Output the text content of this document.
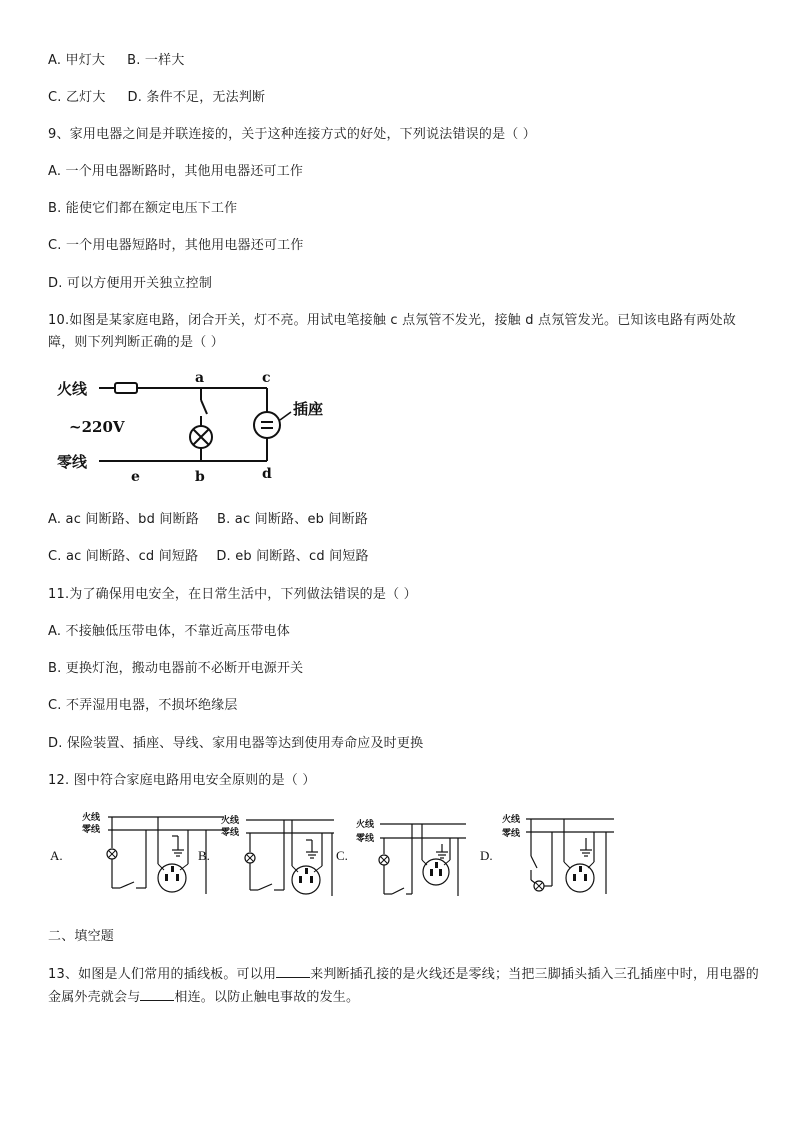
A. 甲灯大 B. 一样大
C. 乙灯大 D. 条件不足，无法判断
9、家用电器之间是并联连接的，关于这种连接方式的好处，下列说法错误的是（ ）
A. 一个用电器断路时，其他用电器还可工作
B. 能使它们都在额定电压下工作
C. 一个用电器短路时，其他用电器还可工作
D. 可以方便用开关独立控制
10.如图是某家庭电路，闭合开关，灯不亮。用试电笔接触 c 点氖管不发光，接触 d 点氖管发光。已知该电路有两处故障，则下列判断正确的是（ ）
火线
零线
~220V
插座
a	c
b	d
e
A. ac 间断路、bd 间断路 B. ac 间断路、eb 间断路
C. ac 间断路、cd 间短路 D. eb 间断路、cd 间短路
11.为了确保用电安全，在日常生活中，下列做法错误的是（ ）
A. 不接触低压带电体，不靠近高压带电体
B. 更换灯泡，搬动电器前不必断开电源开关
C. 不弄湿用电器，不损坏绝缘层
D. 保险装置、插座、导线、家用电器等达到使用寿命应及时更换
12. 图中符合家庭电路用电安全原则的是（ ）
A.
火线
零线
B.
火线
零线
C.
火线
零线
D.
火线
零线
二、填空题
13、如图是人们常用的插线板。可以用	来判断插孔接的是火线还是零线；当把三脚插头插入三孔插座中时，用电器的金属外壳就会与	相连。以防止触电事故的发生。
